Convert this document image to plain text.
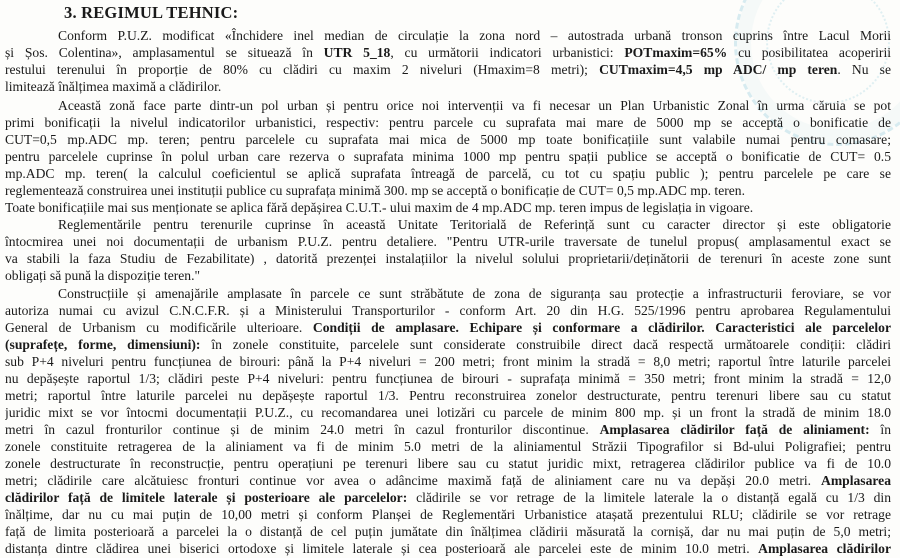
3. REGIMUL TEHNIC:
Conform P.U.Z. modificat «Închidere inel median de circulație la zona nord – autostrada urbană tronson cuprins între Lacul Morii
și Șos. Colentina», amplasamentul se situează în UTR 5_18, cu următorii indicatori urbanistici: POTmaxim=65% cu posibilitatea acoperirii
restului terenului în proporție de 80% cu clădiri cu maxim 2 niveluri (Hmaxim=8 metri); CUTmaxim=4,5 mp ADC/ mp teren. Nu se
limitează înălțimea maximă a clădirilor.
Această zonă face parte dintr-un pol urban și pentru orice noi intervenții va fi necesar un Plan Urbanistic Zonal în urma căruia se pot
primi bonificații la nivelul indicatorilor urbanistici, respectiv: pentru parcele cu suprafata mai mare de 5000 mp se acceptă o bonificatie de
CUT=0,5 mp.ADC mp. teren; pentru parcelele cu suprafata mai mica de 5000 mp toate bonificațiile sunt valabile numai pentru comasare;
pentru parcelele cuprinse în polul urban care rezerva o suprafata minima 1000 mp pentru spații publice se acceptă o bonificatie de CUT= 0.5
mp.ADC mp. teren( la calculul coeficientul se aplică suprafata întreagă de parcelă, cu tot cu spațiu public ); pentru parcelele pe care se
reglementează construirea unei instituții publice cu suprafața minimă 300. mp se acceptă o bonificație de CUT= 0,5 mp.ADC mp. teren.
Toate bonificațiile mai sus menționate se aplica fără depășirea C.U.T.- ului maxim de 4 mp.ADC mp. teren impus de legislația in vigoare.
Reglementările pentru terenurile cuprinse în această Unitate Teritorială de Referință sunt cu caracter director și este obligatorie
întocmirea unei noi documentații de urbanism P.U.Z. pentru detaliere. "Pentru UTR-urile traversate de tunelul propus( amplasamentul exact se
va stabili la faza Studiu de Fezabilitate) , datorită prezenței instalațiilor la nivelul solului proprietarii/deținătorii de terenuri în aceste zone sunt
obligați să pună la dispoziție teren."
Construcțiile și amenajările amplasate în parcele ce sunt străbătute de zona de siguranța sau protecție a infrastructurii feroviare, se vor
autoriza numai cu avizul C.N.C.F.R. și a Ministerului Transporturilor - conform Art. 20 din H.G. 525/1996 pentru aprobarea Regulamentului
General de Urbanism cu modificările ulterioare. Condiții de amplasare. Echipare și conformare a clădirilor. Caracteristici ale parcelelor
(suprafețe, forme, dimensiuni): în zonele constituite, parcelele sunt considerate construibile direct dacă respectă următoarele condiții: clădiri
sub P+4 niveluri pentru funcțiunea de birouri: până la P+4 niveluri = 200 metri; front minim la stradă = 8,0 metri; raportul între laturile parcelei
nu depășește raportul 1/3; clădiri peste P+4 niveluri: pentru funcțiunea de birouri - suprafața minimă = 350 metri; front minim la stradă = 12,0
metri; raportul între laturile parcelei nu depășește raportul 1/3. Pentru reconstruirea zonelor destructurate, pentru terenuri libere sau cu statut
juridic mixt se vor întocmi documentații P.U.Z., cu recomandarea unei lotizări cu parcele de minim 800 mp. și un front la stradă de minim 18.0
metri în cazul fronturilor continue și de minim 24.0 metri în cazul fronturilor discontinue. Amplasarea clădirilor față de aliniament: în
zonele constituite retragerea de la aliniament va fi de minim 5.0 metri de la aliniamentul Străzii Tipografilor si Bd-ului Poligrafiei; pentru
zonele destructurate în reconstrucție, pentru operațiuni pe terenuri libere sau cu statut juridic mixt, retragerea clădirilor publice va fi de 10.0
metri; clădirile care alcătuiesc fronturi continue vor avea o adâncime maximă față de aliniament care nu va depăși 20.0 metri. Amplasarea
clădirilor față de limitele laterale și posterioare ale parcelelor: clădirile se vor retrage de la limitele laterale la o distanță egală cu 1/3 din
înălțime, dar nu cu mai puțin de 10,00 metri și conform Planșei de Reglementări Urbanistice atașată prezentului RLU; clădirile se vor retrage
față de limita posterioară a parcelei la o distanță de cel puțin jumătate din înălțimea clădirii măsurată la cornișă, dar nu mai puțin de 5,0 metri;
distanța dintre clădirea unei biserici ortodoxe și limitele laterale și cea posterioară ale parcelei este de minim 10.0 metri. Amplasarea clădirilor
